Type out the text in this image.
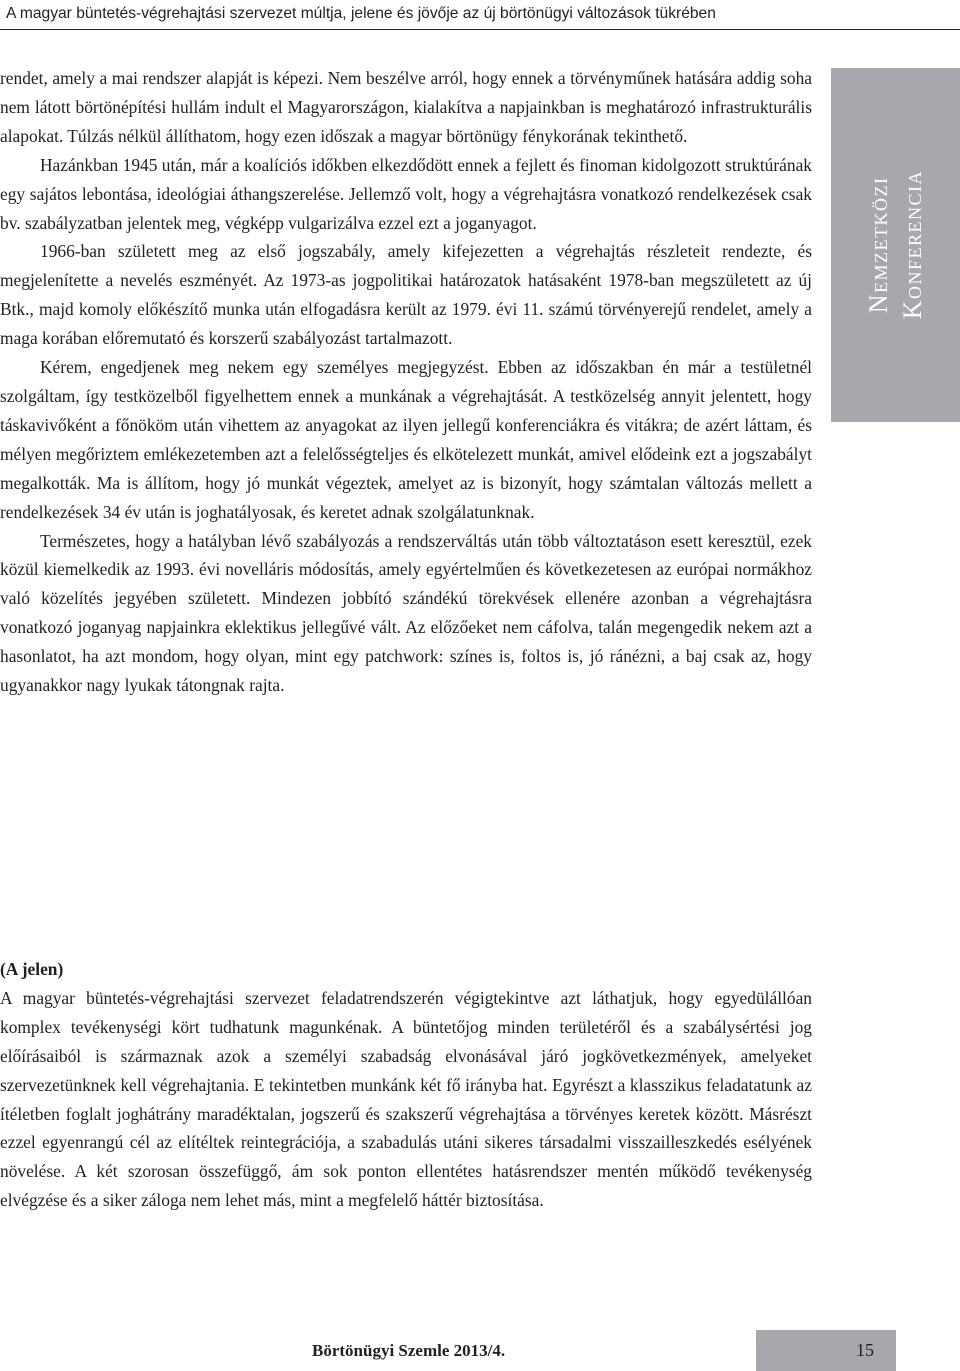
A magyar büntetés-végrehajtási szervezet múltja, jelene és jövője az új börtönügyi változások tükrében
Nemzetközi Konferencia

rendet, amely a mai rendszer alapját is képezi. Nem beszélve arról, hogy ennek a törvényműnek hatására addig soha nem látott börtönépítési hullám indult el Magyarországon, kialakítva a napjainkban is meghatározó infrastrukturális alapokat. Túlzás nélkül állíthatom, hogy ezen időszak a magyar börtönügy fénykorának tekinthető.

Hazánkban 1945 után, már a koalíciós időkben elkezdődött ennek a fejlett és finoman kidolgozott struktúrának egy sajátos lebontása, ideológiai áthangszerelése. Jellemző volt, hogy a végrehajtásra vonatkozó rendelkezések csak bv. szabályzatban jelentek meg, végképp vulgarizálva ezzel ezt a joganyagot.

1966-ban született meg az első jogszabály, amely kifejezetten a végrehajtás részleteit rendezte, és megjelenítette a nevelés eszményét. Az 1973-as jogpolitikai határozatok hatásaként 1978-ban megszületett az új Btk., majd komoly előkészítő munka után elfogadásra került az 1979. évi 11. számú törvényerejű rendelet, amely a maga korában előremutató és korszerű szabályozást tartalmazott.

Kérem, engedjenek meg nekem egy személyes megjegyzést. Ebben az időszakban én már a testületnél szolgáltam, így testközelből figyelhettem ennek a munkának a végrehajtását. A testközelség annyit jelentett, hogy táskavivőként a főnököm után vihettem az anyagokat az ilyen jellegű konferenciákra és vitákra; de azért láttam, és mélyen megőriztem emlékezetemben azt a felelősségteljes és elkötelezett munkát, amivel elődeink ezt a jogszabályt megalkották. Ma is állítom, hogy jó munkát végeztek, amelyet az is bizonyít, hogy számtalan változás mellett a rendelkezések 34 év után is joghatályosak, és keretet adnak szolgálatunknak.

Természetes, hogy a hatályban lévő szabályozás a rendszerváltás után több változtatáson esett keresztül, ezek közül kiemelkedik az 1993. évi novelláris módosítás, amely egyértelműen és következetesen az európai normákhoz való közelítés jegyében született. Mindezen jobbító szándékú törekvések ellenére azonban a végrehajtásra vonatkozó joganyag napjainkra eklektikus jellegűvé vált. Az előzőeket nem cáfolva, talán megengedik nekem azt a hasonlatot, ha azt mondom, hogy olyan, mint egy patchwork: színes is, foltos is, jó ránézni, a baj csak az, hogy ugyanakkor nagy lyukak tátongnak rajta.

(A jelen)

A magyar büntetés-végrehajtási szervezet feladatrendszerén végigtekintve azt láthatjuk, hogy egyedülállóan komplex tevékenységi kört tudhatunk magunkénak. A büntetőjog minden területéről és a szabálysértési jog előírásaiból is származnak azok a személyi szabadság elvonásával járó jogkövetkezmények, amelyeket szervezetünknek kell végrehajtania. E tekintetben munkánk két fő irányba hat. Egyrészt a klasszikus feladatatunk az ítéletben foglalt joghátrány maradéktalan, jogszerű és szakszerű végrehajtása a törvényes keretek között. Másrészt ezzel egyenrangú cél az elítéltek reintegrációja, a szabadulás utáni sikeres társadalmi visszailleszkedés esélyének növelése. A két szorosan összefüggő, ám sok ponton ellentétes hatásrendszer mentén működő tevékenység elvégzése és a siker záloga nem lehet más, mint a megfelelő háttér biztosítása.

Börtönügyi Szemle 2013/4.	15
